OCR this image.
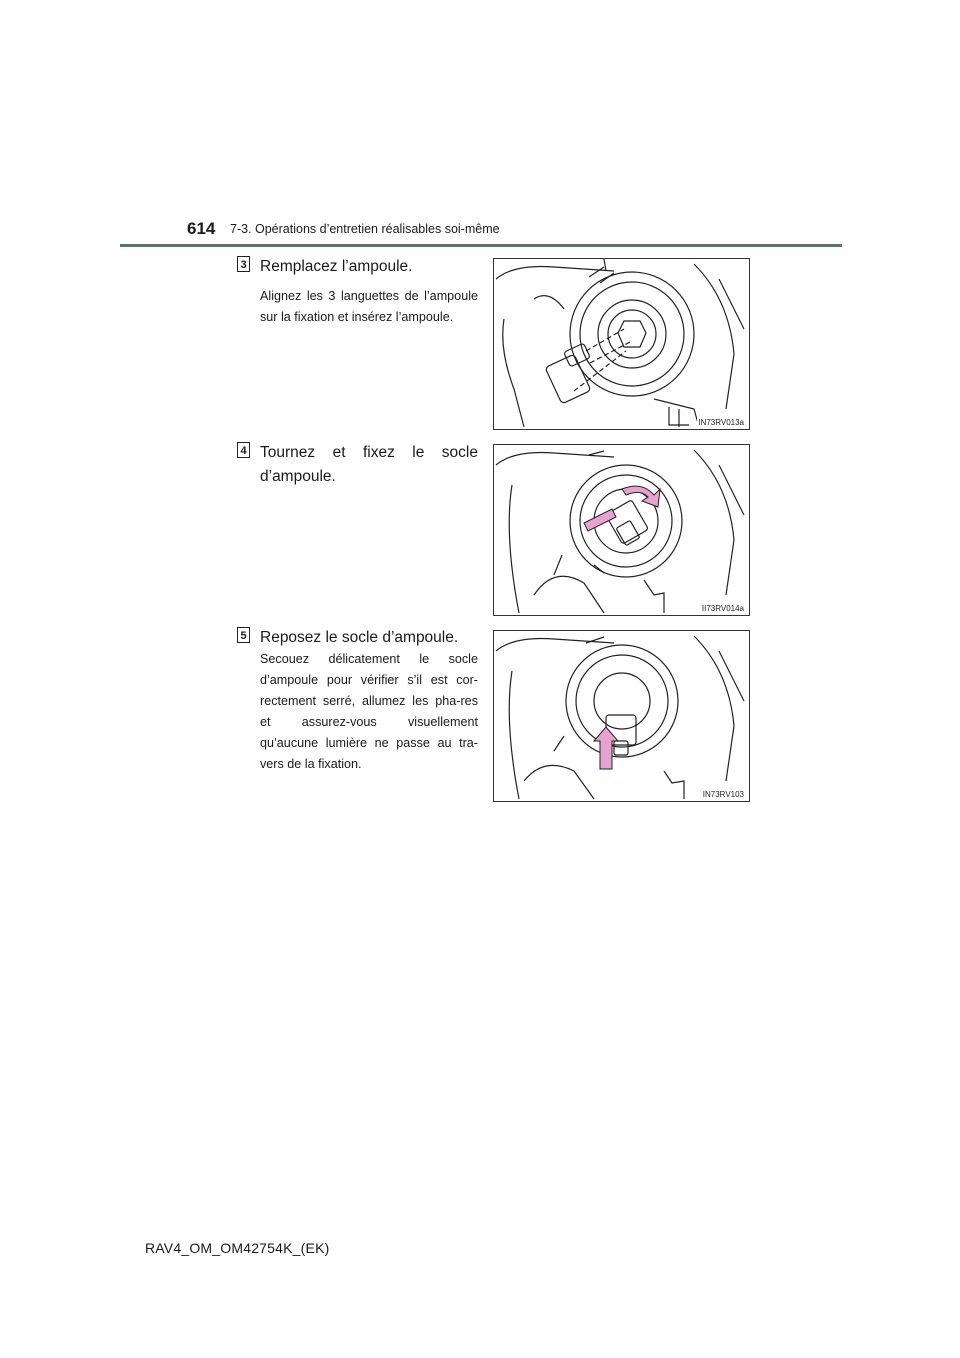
614 7-3. Opérations d’entretien réalisables soi-même
3 Remplacez l’ampoule.
Alignez les 3 languettes de l’ampoule sur la fixation et insérez l’ampoule.
IN73RV013a
4 Tournez et fixez le socle d’ampoule.
II73RV014a
5 Reposez le socle d’ampoule.
Secouez délicatement le socle d’ampoule pour vérifier s’il est cor-rectement serré, allumez les pha-res et assurez-vous visuellement qu’aucune lumière ne passe au tra-vers de la fixation.
IN73RV103
RAV4_OM_OM42754K_(EK)
